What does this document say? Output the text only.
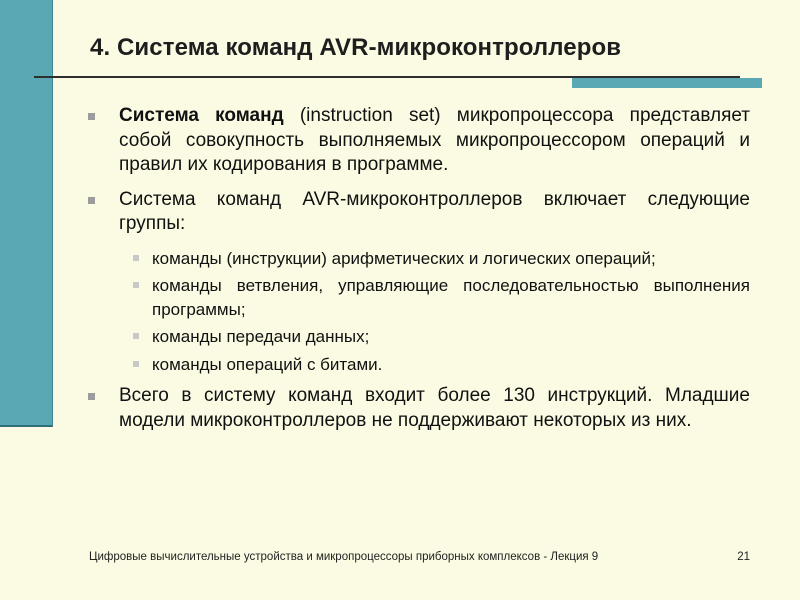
4. Система команд AVR-микроконтроллеров
Система команд (instruction set) микропроцессора представляет собой совокупность выполняемых микропроцессором операций и правил их кодирования в программе.
Система команд AVR-микроконтроллеров включает следующие группы:
команды (инструкции) арифметических и логических операций;
команды ветвления, управляющие последовательностью выполнения программы;
команды передачи данных;
команды операций с битами.
Всего в систему команд входит более 130 инструкций. Младшие модели микроконтроллеров не поддерживают некоторых из них.
Цифровые вычислительные устройства и микропроцессоры приборных комплексов - Лекция 9	21
